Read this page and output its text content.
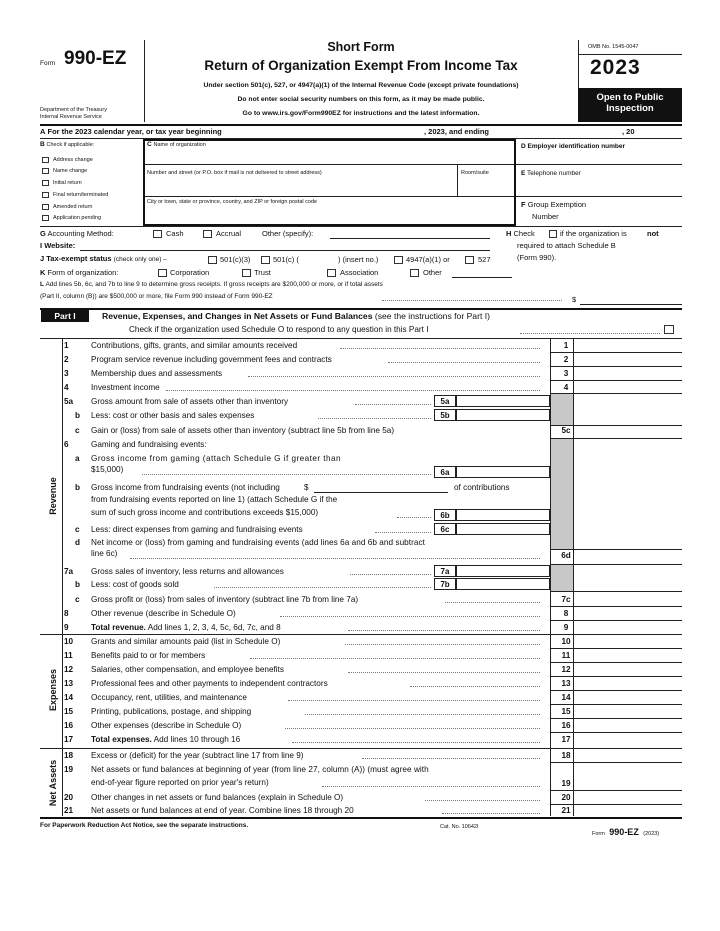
Form 990-EZ
Department of the Treasury
Internal Revenue Service
Short Form
Return of Organization Exempt From Income Tax
Under section 501(c), 527, or 4947(a)(1) of the Internal Revenue Code (except private foundations)
Do not enter social security numbers on this form, as it may be made public.
Go to www.irs.gov/Form990EZ for instructions and the latest information.
OMB No. 1545-0047
2023
Open to Public
Inspection
A For the 2023 calendar year, or tax year beginning	, 2023, and ending	, 20
B Check if applicable:
Address change
Name change
Initial return
Final return/terminated
Amended return
Application pending
C Name of organization
Number and street (or P.O. box if mail is not delivered to street address)	Room/suite
City or town, state or province, country, and ZIP or foreign postal code
D Employer identification number
E Telephone number
F Group Exemption
Number
G Accounting Method:	Cash	Accrual	Other (specify):	H Check	if the organization is	not
required to attach Schedule B
(Form 990).
I Website:
J Tax-exempt status (check only one) –	501(c)(3)	501(c) (	) (insert no.)	4947(a)(1) or	527
K Form of organization:	Corporation	Trust	Association	Other
L Add lines 5b, 6c, and 7b to line 9 to determine gross receipts. If gross receipts are $200,000 or more, or if total assets
(Part II, column (B)) are $500,000 or more, file Form 990 instead of Form 990-EZ	$
Part I	Revenue, Expenses, and Changes in Net Assets or Fund Balances (see the instructions for Part I)
Check if the organization used Schedule O to respond to any question in this Part I
Revenue
Expenses
Net Assets
1	Contributions, gifts, grants, and similar amounts received	1
2	Program service revenue including government fees and contracts	2
3	Membership dues and assessments	3
4	Investment income	4
5a	Gross amount from sale of assets other than inventory	5a
b Less: cost or other basis and sales expenses	5b
c Gain or (loss) from sale of assets other than inventory (subtract line 5b from line 5a)	5c
6	Gaming and fundraising events:
a Gross income from gaming (attach Schedule G if greater than
$15,000)	6a
b Gross income from fundraising events (not including	$	of contributions
from fundraising events reported on line 1) (attach Schedule G if the
sum of such gross income and contributions exceeds $15,000)	6b
c Less: direct expenses from gaming and fundraising events	6c
d Net income or (loss) from gaming and fundraising events (add lines 6a and 6b and subtract
line 6c)	6d
7a	Gross sales of inventory, less returns and allowances	7a
b Less: cost of goods sold	7b
c Gross profit or (loss) from sales of inventory (subtract line 7b from line 7a)	7c
8	Other revenue (describe in Schedule O)	8
9	Total revenue. Add lines 1, 2, 3, 4, 5c, 6d, 7c, and 8	9
10	Grants and similar amounts paid (list in Schedule O)	10
11	Benefits paid to or for members	11
12	Salaries, other compensation, and employee benefits	12
13	Professional fees and other payments to independent contractors	13
14	Occupancy, rent, utilities, and maintenance	14
15	Printing, publications, postage, and shipping	15
16	Other expenses (describe in Schedule O)	16
17	Total expenses. Add lines 10 through 16	17
18	Excess or (deficit) for the year (subtract line 17 from line 9)	18
19	Net assets or fund balances at beginning of year (from line 27, column (A)) (must agree with
end-of-year figure reported on prior year's return)	19
20	Other changes in net assets or fund balances (explain in Schedule O)	20
21	Net assets or fund balances at end of year. Combine lines 18 through 20	21
For Paperwork Reduction Act Notice, see the separate instructions.	Cat. No. 10642I
Form 990-EZ (2023)
